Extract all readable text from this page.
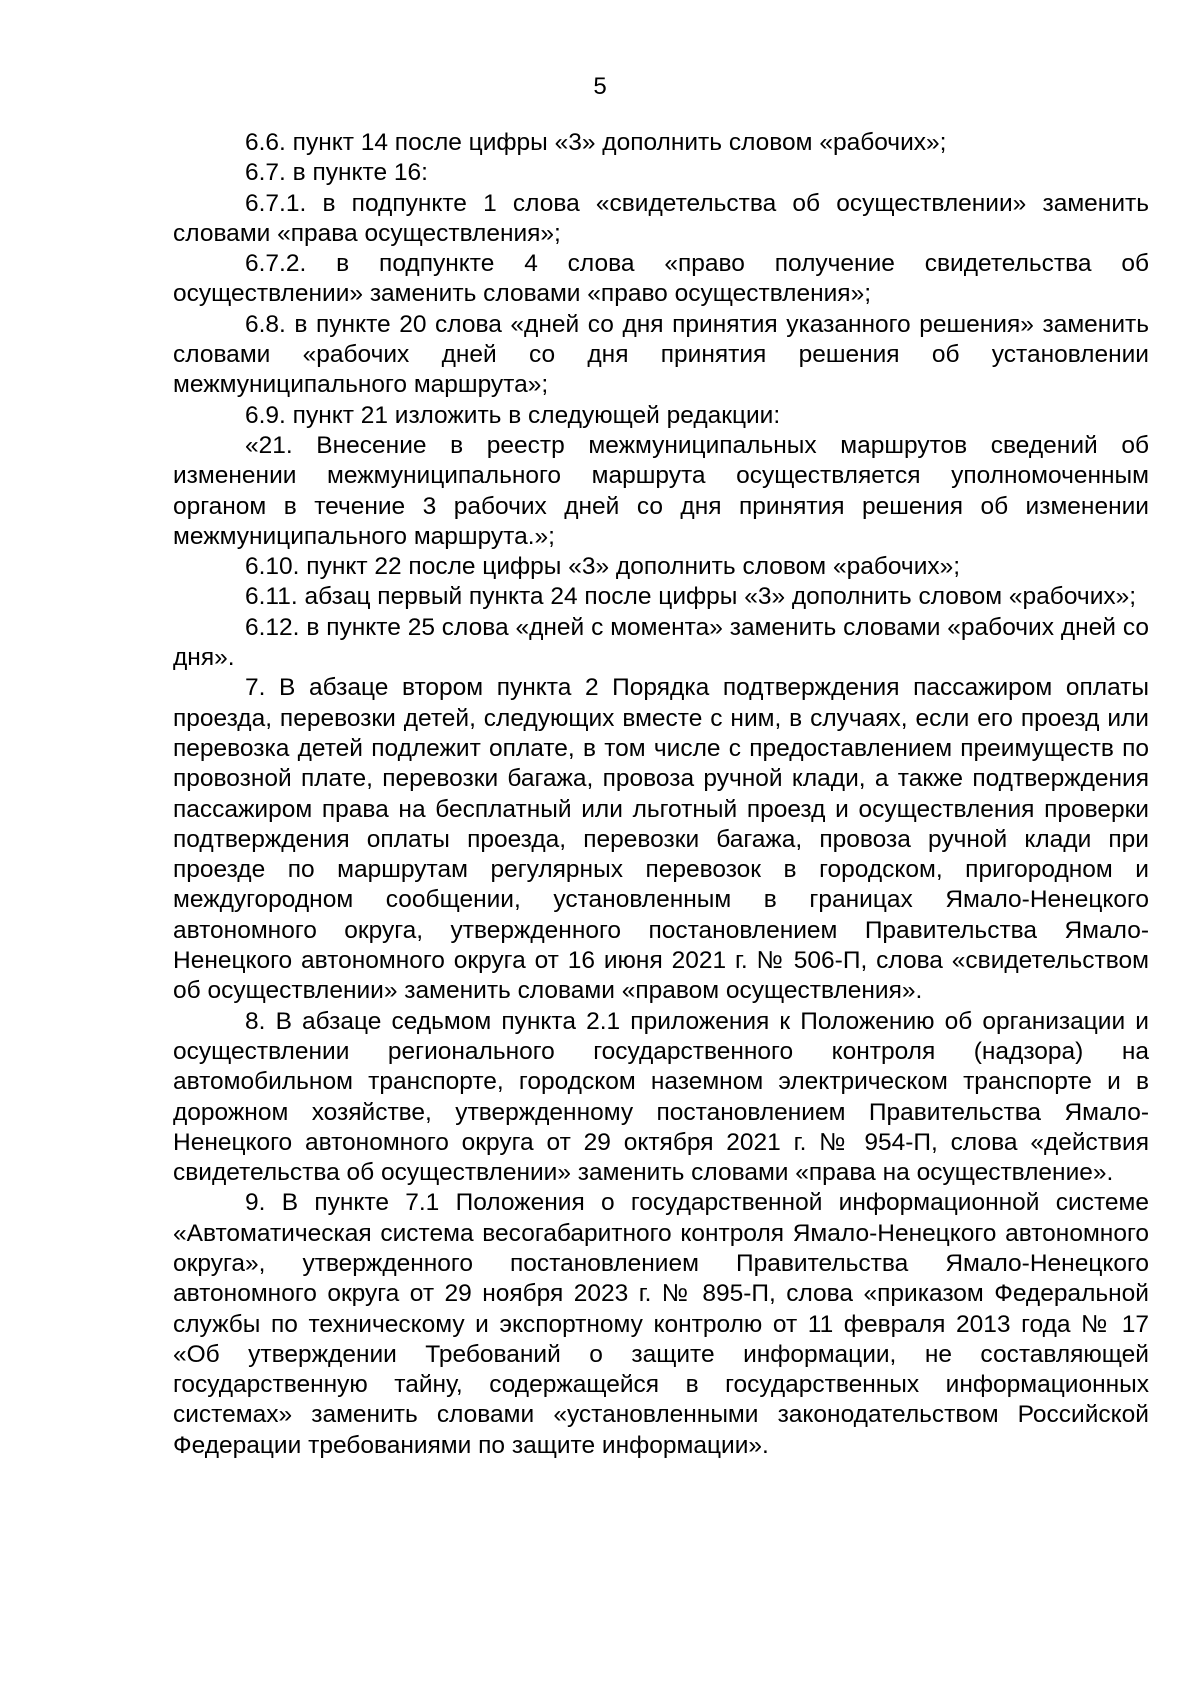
5

6.6. пункт 14 после цифры «3» дополнить словом «рабочих»;

6.7. в пункте 16:

6.7.1. в подпункте 1 слова «свидетельства об осуществлении» заменить словами «права осуществления»;

6.7.2. в подпункте 4 слова «право получение свидетельства об осуществлении» заменить словами «право осуществления»;

6.8. в пункте 20 слова «дней со дня принятия указанного решения» заменить словами «рабочих дней со дня принятия решения об установлении межмуниципального маршрута»;

6.9. пункт 21 изложить в следующей редакции:

«21. Внесение в реестр межмуниципальных маршрутов сведений об изменении межмуниципального маршрута осуществляется уполномоченным органом в течение 3 рабочих дней со дня принятия решения об изменении межмуниципального маршрута.»;

6.10. пункт 22 после цифры «3» дополнить словом «рабочих»;

6.11. абзац первый пункта 24 после цифры «3» дополнить словом «рабочих»;

6.12. в пункте 25 слова «дней с момента» заменить словами «рабочих дней со дня».

7. В абзаце втором пункта 2 Порядка подтверждения пассажиром оплаты проезда, перевозки детей, следующих вместе с ним, в случаях, если его проезд или перевозка детей подлежит оплате, в том числе с предоставлением преимуществ по провозной плате, перевозки багажа, провоза ручной клади, а также подтверждения пассажиром права на бесплатный или льготный проезд и осуществления проверки подтверждения оплаты проезда, перевозки багажа, провоза ручной клади при проезде по маршрутам регулярных перевозок в городском, пригородном и междугородном сообщении, установленным в границах Ямало-Ненецкого автономного округа, утвержденного постановлением Правительства Ямало-Ненецкого автономного округа от 16 июня 2021 г. № 506-П, слова «свидетельством об осуществлении» заменить словами «правом осуществления».

8. В абзаце седьмом пункта 2.1 приложения к Положению об организации и осуществлении регионального государственного контроля (надзора) на автомобильном транспорте, городском наземном электрическом транспорте и в дорожном хозяйстве, утвержденному постановлением Правительства Ямало-Ненецкого автономного округа от 29 октября 2021 г. № 954-П, слова «действия свидетельства об осуществлении» заменить словами «права на осуществление».

9. В пункте 7.1 Положения о государственной информационной системе «Автоматическая система весогабаритного контроля Ямало-Ненецкого автономного округа», утвержденного постановлением Правительства Ямало-Ненецкого автономного округа от 29 ноября 2023 г. № 895-П, слова «приказом Федеральной службы по техническому и экспортному контролю от 11 февраля 2013 года № 17 «Об утверждении Требований о защите информации, не составляющей государственную тайну, содержащейся в государственных информационных системах» заменить словами «установленными законодательством Российской Федерации требованиями по защите информации».
